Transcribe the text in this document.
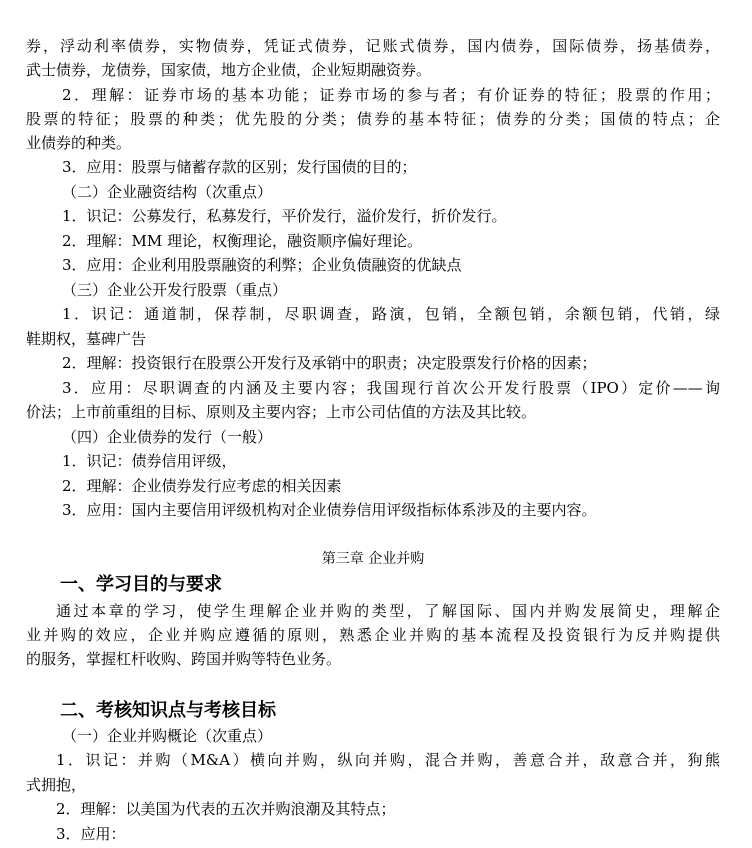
券，浮动利率债券，实物债券，凭证式债券，记账式债券，国内债券，国际债券，扬基债券，
武士债券，龙债券，国家债，地方企业债，企业短期融资券。
2．理解：证券市场的基本功能；证券市场的参与者；有价证券的特征；股票的作用；
股票的特征；股票的种类；优先股的分类；债券的基本特征；债券的分类；国债的特点；企
业债券的种类。
3．应用：股票与储蓄存款的区别；发行国债的目的；
（二）企业融资结构（次重点）
1．识记：公募发行，私募发行，平价发行，溢价发行，折价发行。
2．理解：MM 理论，权衡理论，融资顺序偏好理论。
3．应用：企业利用股票融资的利弊；企业负债融资的优缺点
（三）企业公开发行股票（重点）
1．识记：通道制，保荐制，尽职调查，路演，包销，全额包销，余额包销，代销，绿
鞋期权，墓碑广告
2．理解：投资银行在股票公开发行及承销中的职责；决定股票发行价格的因素；
3．应用：尽职调查的内涵及主要内容；我国现行首次公开发行股票（IPO）定价——询
价法；上市前重组的目标、原则及主要内容；上市公司估值的方法及其比较。
（四）企业债券的发行（一般）
1．识记：债券信用评级，
2．理解：企业债券发行应考虑的相关因素
3．应用：国内主要信用评级机构对企业债券信用评级指标体系涉及的主要内容。
第三章 企业并购
一、学习目的与要求
通过本章的学习，使学生理解企业并购的类型，了解国际、国内并购发展简史，理解企
业并购的效应，企业并购应遵循的原则，熟悉企业并购的基本流程及投资银行为反并购提供
的服务，掌握杠杆收购、跨国并购等特色业务。
二、考核知识点与考核目标
（一）企业并购概论（次重点）
1．识记：并购（M&A）横向并购，纵向并购，混合并购，善意合并，敌意合并，狗熊
式拥抱，
2．理解：以美国为代表的五次并购浪潮及其特点；
3．应用：
